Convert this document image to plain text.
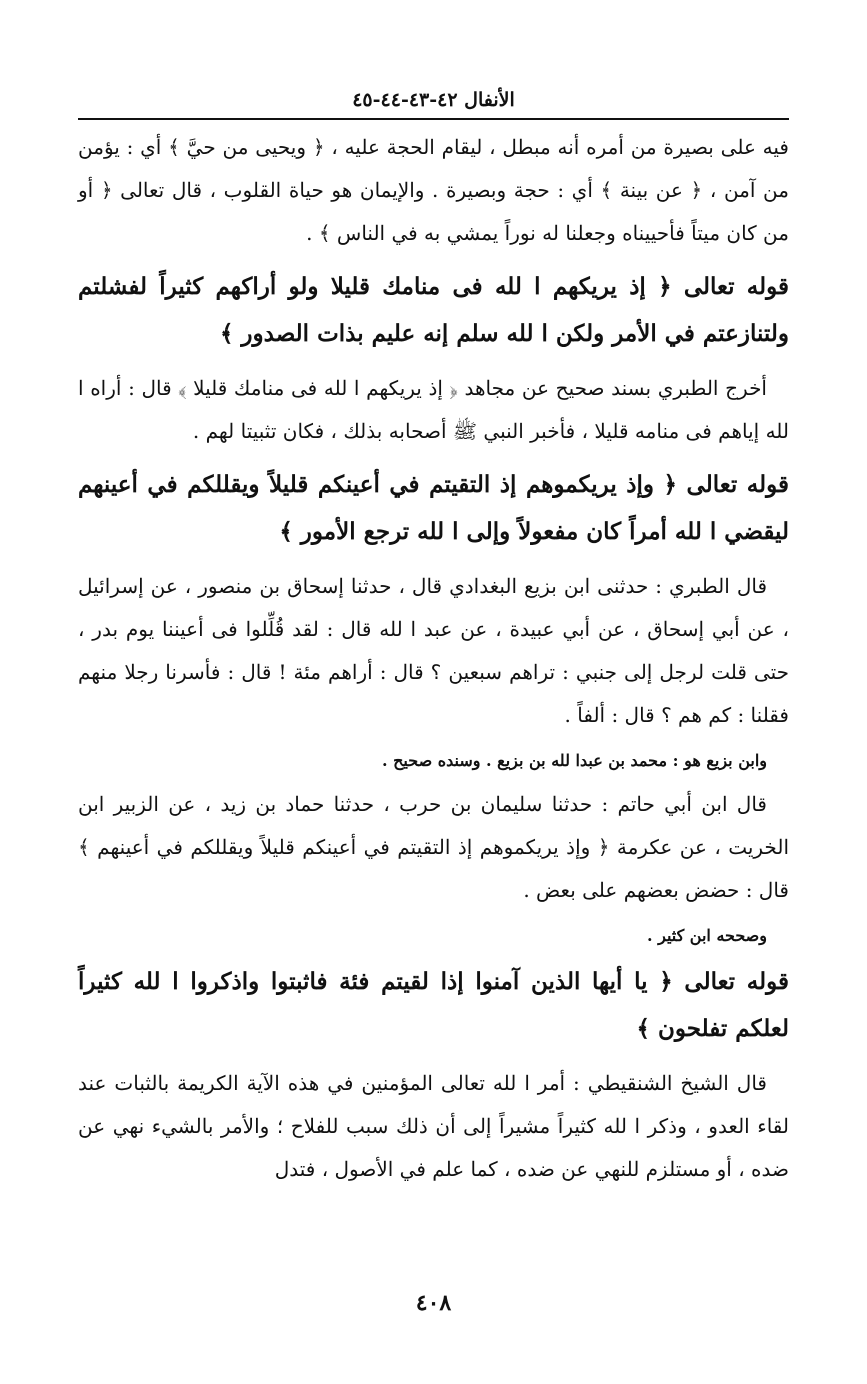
الأنفال ٤٢-٤٣-٤٤-٤٥

فيه على بصيرة من أمره أنه مبطل ، ليقام الحجة عليه ، ﴿ ويحيى من حيَّ ﴾ أي : يؤمن من آمن ، ﴿ عن بينة ﴾ أي : حجة وبصيرة . والإيمان هو حياة القلوب ، قال تعالى ﴿ أو من كان ميتاً فأحييناه وجعلنا له نوراً يمشي به في الناس ﴾ .

قوله تعالى ﴿ إذ يريكهم ا لله فى منامك قليلا ولو أراكهم كثيراً لفشلتم ولتنازعتم في الأمر ولكن ا لله سلم إنه عليم بذات الصدور ﴾

أخرج الطبري بسند صحيح عن مجاهد ﴿ إذ يريكهم ا لله فى منامك قليلا ﴾ قال : أراه ا لله إياهم فى منامه قليلا ، فأخبر النبي ﷺ أصحابه بذلك ، فكان تثبيتا لهم .

قوله تعالى ﴿ وإذ يريكموهم إذ التقيتم في أعينكم قليلاً ويقللكم في أعينهم ليقضي ا لله أمراً كان مفعولاً وإلى ا لله ترجع الأمور ﴾

قال الطبري : حدثنى ابن بزيع البغدادي قال ، حدثنا إسحاق بن منصور ، عن إسرائيل ، عن أبي إسحاق ، عن أبي عبيدة ، عن عبد ا لله قال : لقد قُلِّلوا فى أعيننا يوم بدر ، حتى قلت لرجل إلى جنبي : تراهم سبعين ؟ قال : أراهم مئة ! قال : فأسرنا رجلا منهم فقلنا : كم هم ؟ قال : ألفاً .

وابن بزيع هو : محمد بن عبدا لله بن بزيع . وسنده صحيح .

قال ابن أبي حاتم : حدثنا سليمان بن حرب ، حدثنا حماد بن زيد ، عن الزبير ابن الخريت ، عن عكرمة ﴿ وإذ يريكموهم إذ التقيتم في أعينكم قليلاً ويقللكم في أعينهم ﴾ قال : حضض بعضهم على بعض .

وصححه ابن كثير .

قوله تعالى ﴿ يا أيها الذين آمنوا إذا لقيتم فئة فاثبتوا واذكروا ا لله كثيراً لعلكم تفلحون ﴾

قال الشيخ الشنقيطي : أمر ا لله تعالى المؤمنين في هذه الآية الكريمة بالثبات عند لقاء العدو ، وذكر ا لله كثيراً مشيراً إلى أن ذلك سبب للفلاح ؛ والأمر بالشيء نهي عن ضده ، أو مستلزم للنهي عن ضده ، كما علم في الأصول ، فتدل

٤٠٨
